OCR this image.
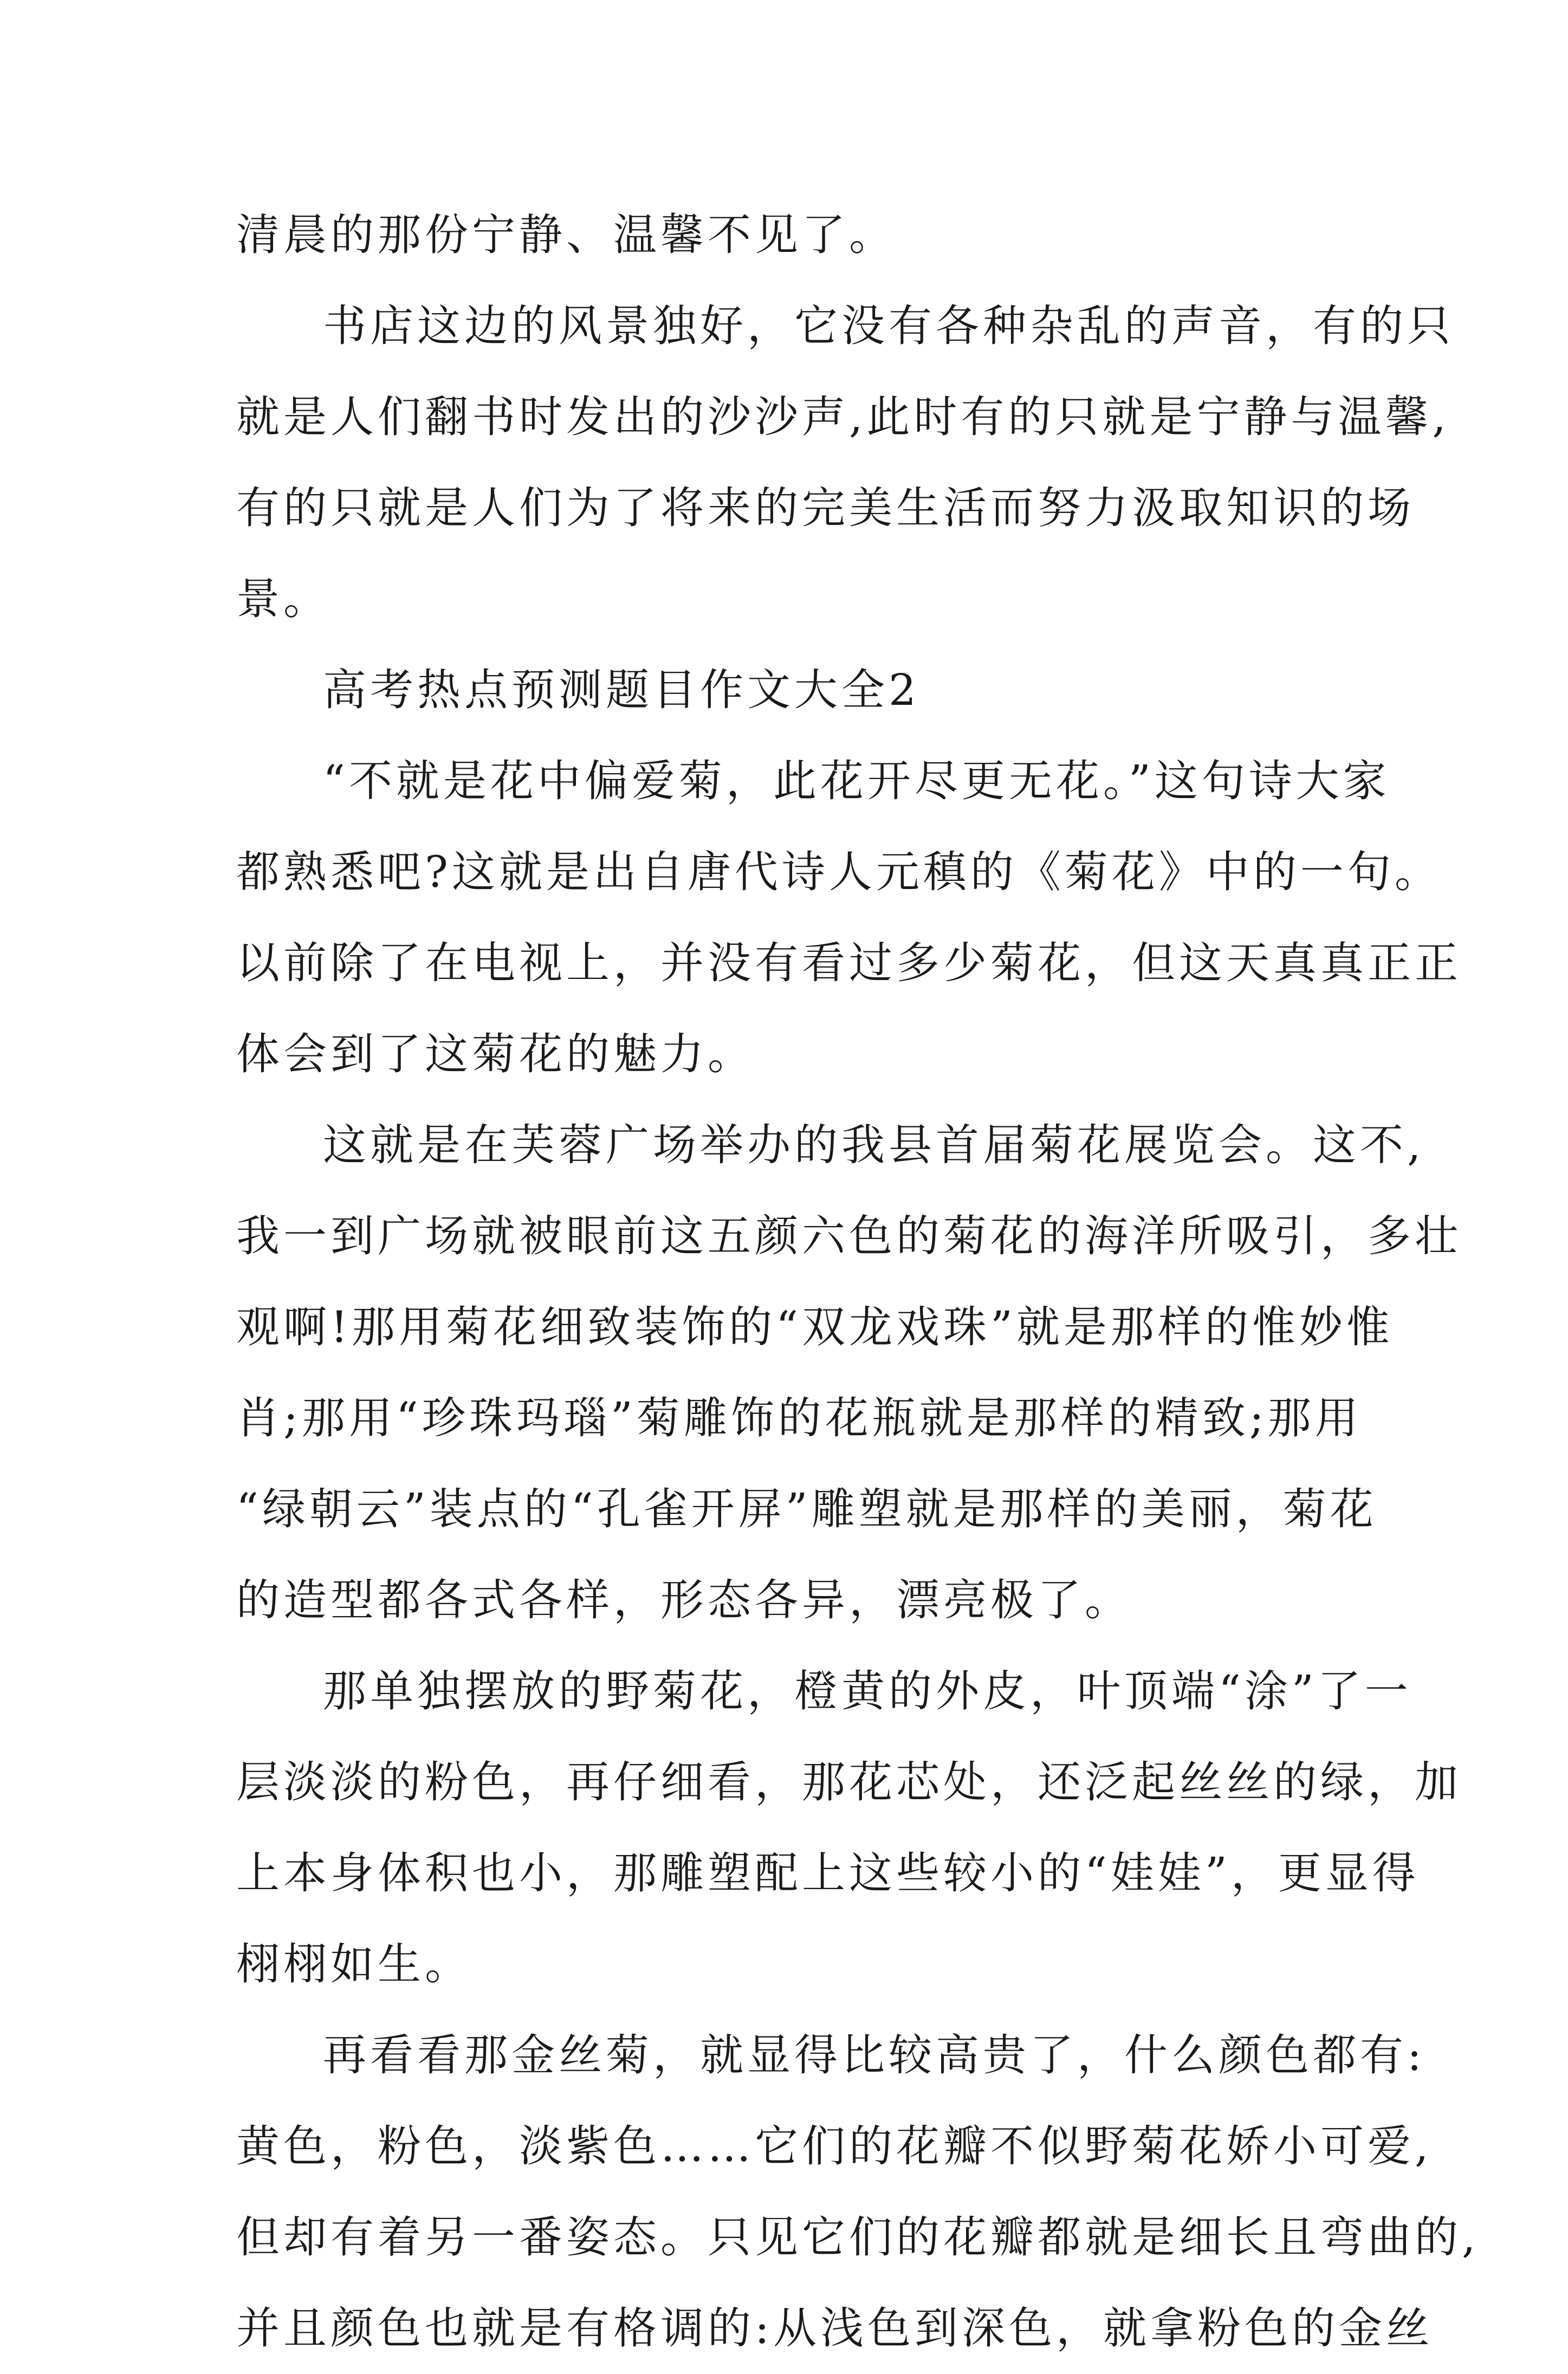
清晨的那份宁静、温馨不见了。
书店这边的风景独好，它没有各种杂乱的声音，有的只
就是人们翻书时发出的沙沙声,此时有的只就是宁静与温馨,
有的只就是人们为了将来的完美生活而努力汲取知识的场
景。
高考热点预测题目作文大全2
“不就是花中偏爱菊，此花开尽更无花。”这句诗大家
都熟悉吧?这就是出自唐代诗人元稹的《菊花》中的一句。
以前除了在电视上，并没有看过多少菊花，但这天真真正正
体会到了这菊花的魅力。
这就是在芙蓉广场举办的我县首届菊花展览会。这不,
我一到广场就被眼前这五颜六色的菊花的海洋所吸引，多壮
观啊!那用菊花细致装饰的“双龙戏珠”就是那样的惟妙惟
肖;那用“珍珠玛瑙”菊雕饰的花瓶就是那样的精致;那用
“绿朝云”装点的“孔雀开屏”雕塑就是那样的美丽，菊花
的造型都各式各样，形态各异，漂亮极了。
那单独摆放的野菊花，橙黄的外皮，叶顶端“涂”了一
层淡淡的粉色，再仔细看，那花芯处，还泛起丝丝的绿，加
上本身体积也小，那雕塑配上这些较小的“娃娃”，更显得
栩栩如生。
再看看那金丝菊，就显得比较高贵了，什么颜色都有:
黄色，粉色，淡紫色……它们的花瓣不似野菊花娇小可爱,
但却有着另一番姿态。只见它们的花瓣都就是细长且弯曲的,
并且颜色也就是有格调的:从浅色到深色，就拿粉色的金丝
